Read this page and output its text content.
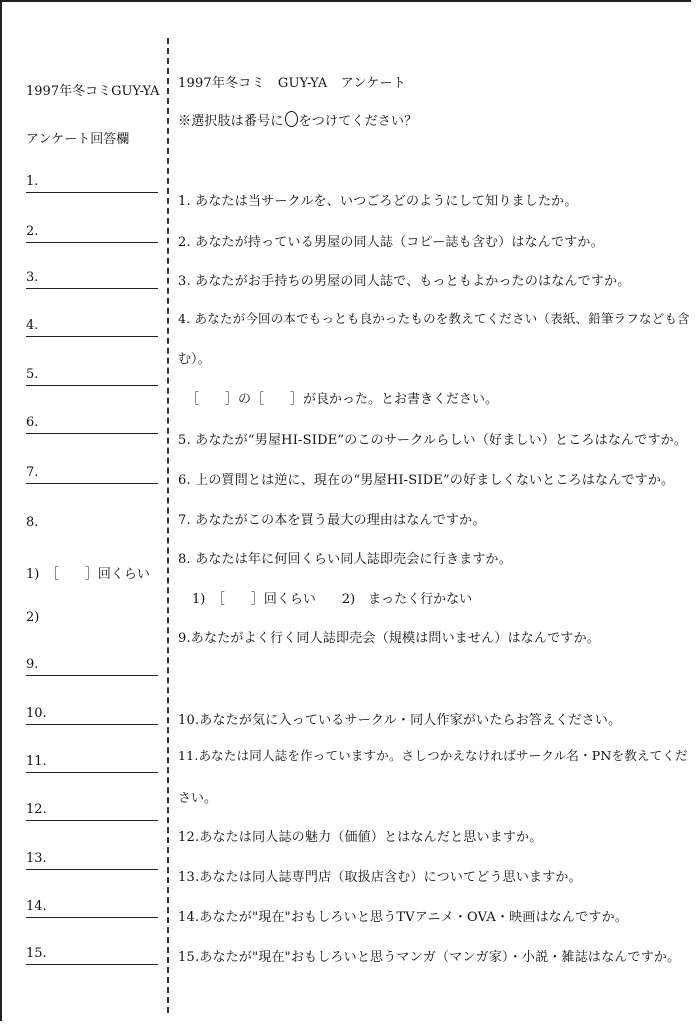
1997年冬コミGUY-YA
アンケート回答欄
1.
2.
3.
4.
5.
6.
7.
8.
1)　［　　］回くらい
2)
9.
10.
11.
12.
13.
14.
15.
1997年冬コミ　GUY-YA　アンケート
※選択肢は番号に をつけてください？
1. あなたは当サークルを、いつごろどのようにして知りましたか。
2. あなたが持っている男屋の同人誌（コピー誌も含む）はなんですか。
3. あなたがお手持ちの男屋の同人誌で、もっともよかったのはなんですか。
4. あなたが今回の本でもっとも良かったものを教えてください（表紙、鉛筆ラフなども含
む）。
［　　］の［　　］が良かった。とお書きください。
5. あなたが“男屋HI-SIDE”のこのサークルらしい（好ましい）ところはなんですか。
6. 上の質問とは逆に、現在の“男屋HI-SIDE”の好ましくないところはなんですか。
7. あなたがこの本を買う最大の理由はなんですか。
8. あなたは年に何回くらい同人誌即売会に行きますか。
1)　［　　］回くらい　　2)　まったく行かない
9.あなたがよく行く同人誌即売会（規模は問いません）はなんですか。
10.あなたが気に入っているサークル・同人作家がいたらお答えください。
11.あなたは同人誌を作っていますか。さしつかえなければサークル名・PNを教えてくだ
さい。
12.あなたは同人誌の魅力（価値）とはなんだと思いますか。
13.あなたは同人誌専門店（取扱店含む）についてどう思いますか。
14.あなたが"現在"おもしろいと思うTVアニメ・OVA・映画はなんですか。
15.あなたが"現在"おもしろいと思うマンガ（マンガ家）・小説・雑誌はなんですか。
